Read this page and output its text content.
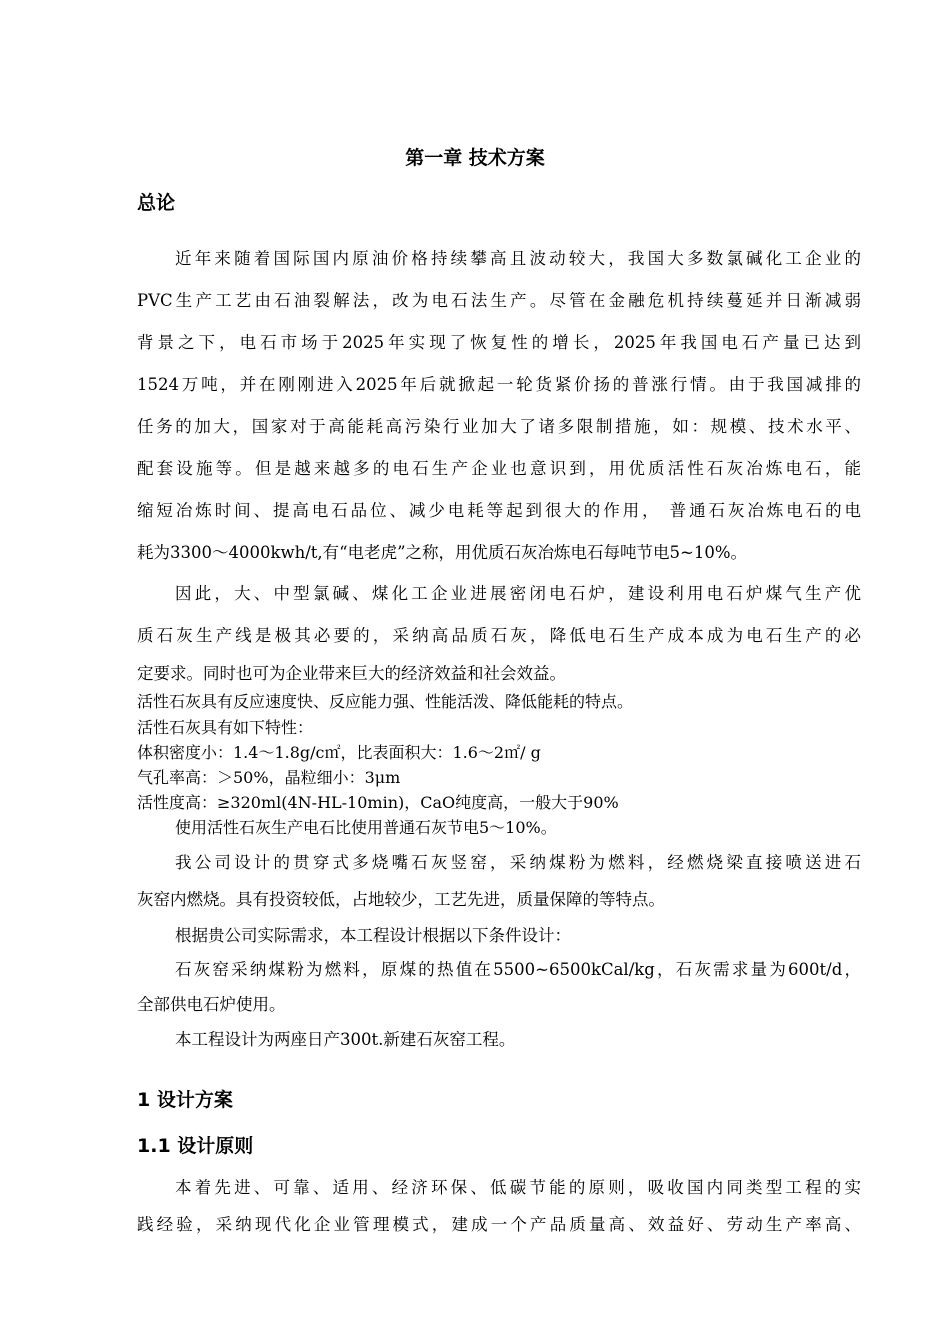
第一章 技术方案
总论
近年来随着国际国内原油价格持续攀高且波动较大，我国大多数氯碱化工企业的
PVC生产工艺由石油裂解法，改为电石法生产。尽管在金融危机持续蔓延并日渐减弱
背景之下，电石市场于2025年实现了恢复性的增长，2025年我国电石产量已达到
1524万吨，并在刚刚进入2025年后就掀起一轮货紧价扬的普涨行情。由于我国减排的
任务的加大，国家对于高能耗高污染行业加大了诸多限制措施，如：规模、技术水平、
配套设施等。但是越来越多的电石生产企业也意识到，用优质活性石灰冶炼电石，能
缩短冶炼时间、提高电石品位、减少电耗等起到很大的作用， 普通石灰冶炼电石的电
耗为3300～4000kwh/t,有“电老虎”之称，用优质石灰冶炼电石每吨节电5~10%。
因此，大、中型氯碱、煤化工企业进展密闭电石炉，建设利用电石炉煤气生产优
质石灰生产线是极其必要的，采纳高品质石灰，降低电石生产成本成为电石生产的必
定要求。同时也可为企业带来巨大的经济效益和社会效益。
活性石灰具有反应速度快、反应能力强、性能活泼、降低能耗的特点。
活性石灰具有如下特性：
体积密度小：1.4～1.8g/c㎡，比表面积大：1.6～2㎡/ g
气孔率高：＞50%，晶粒细小：3μm
活性度高：≥320ml(4N-HL-10min)，CaO纯度高，一般大于90%
使用活性石灰生产电石比使用普通石灰节电5～10%。
我公司设计的贯穿式多烧嘴石灰竖窑，采纳煤粉为燃料，经燃烧梁直接喷送进石
灰窑内燃烧。具有投资较低，占地较少，工艺先进，质量保障的等特点。
根据贵公司实际需求，本工程设计根据以下条件设计：
石灰窑采纳煤粉为燃料，原煤的热值在5500~6500kCal/kg，石灰需求量为600t/d，
全部供电石炉使用。
本工程设计为两座日产300t.新建石灰窑工程。
1 设计方案
1.1 设计原则
本着先进、可靠、适用、经济环保、低碳节能的原则，吸收国内同类型工程的实
践经验，采纳现代化企业管理模式，建成一个产品质量高、效益好、劳动生产率高、
